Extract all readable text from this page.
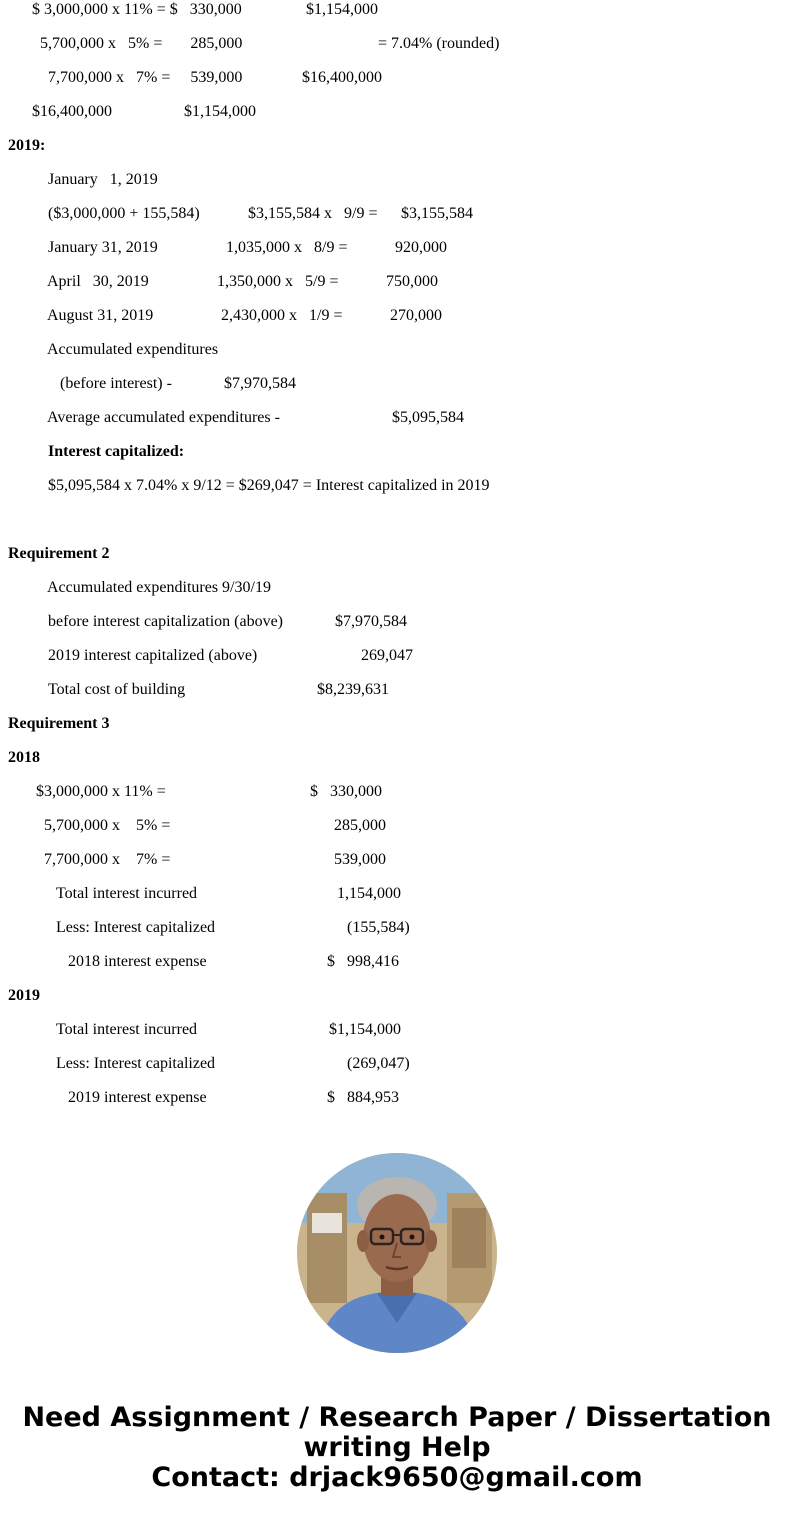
$ 3,000,000 x 11% = $   330,000	$1,154,000
5,700,000 x   5% =       285,000	= 7.04% (rounded)
7,700,000 x   7% =     539,000	$16,400,000
$16,400,000	$1,154,000
2019:
January   1, 2019
($3,000,000 + 155,584)	$3,155,584 x   9/9 = $3,155,584
January 31, 2019	1,035,000 x   8/9 =	920,000
April   30, 2019	1,350,000 x   5/9 =	750,000
August 31, 2019	2,430,000 x   1/9 =	270,000
Accumulated expenditures
(before interest) -	$7,970,584
Average accumulated expenditures -	$5,095,584
Interest capitalized:
$5,095,584 x 7.04% x 9/12 = $269,047 = Interest capitalized in 2019
Requirement 2
Accumulated expenditures 9/30/19
before interest capitalization (above)	$7,970,584
2019 interest capitalized (above)	269,047
Total cost of building	$8,239,631
Requirement 3
2018
$3,000,000 x 11% =	$   330,000
5,700,000 x    5% =	285,000
7,700,000 x    7% =	539,000
Total interest incurred	1,154,000
Less: Interest capitalized	(155,584)
2018 interest expense	$   998,416
2019
Total interest incurred	$1,154,000
Less: Interest capitalized	(269,047)
2019 interest expense	$   884,953
Need Assignment / Research Paper / Dissertation
writing Help
Contact: drjack9650@gmail.com
